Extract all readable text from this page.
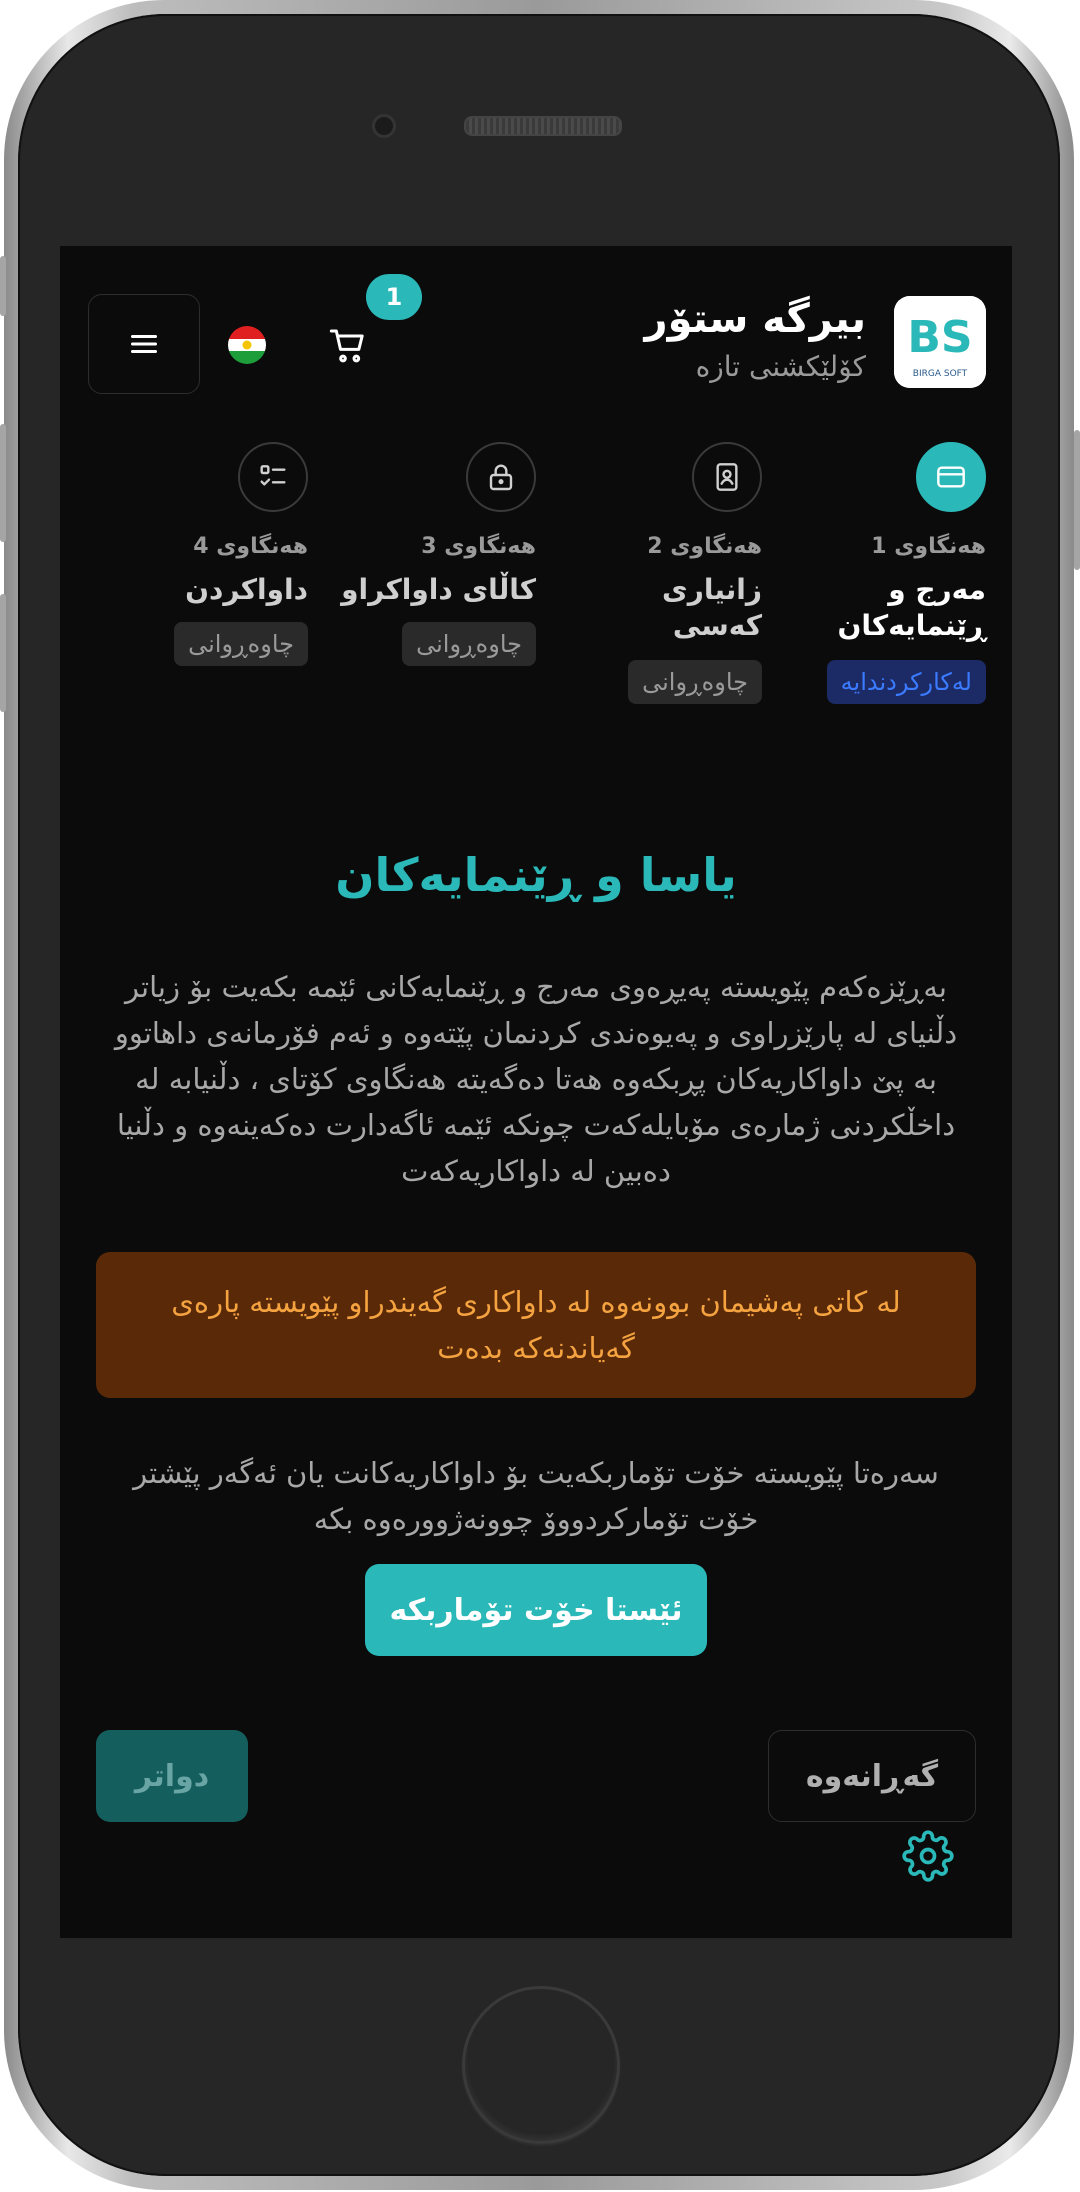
BS
BIRGA SOFT
بیرگە ستۆر
کۆلێکشنی تازە
1
هەنگاوی 1
مەرج و ڕێنمایەکان
لەکارکردندایە
هەنگاوی 2
زانیاری کەسی
چاوەڕوانی
هەنگاوی 3
کاڵای داواکراو
چاوەڕوانی
هەنگاوی 4
داواکردن
چاوەڕوانی
یاسا و ڕێنمایەکان
بەڕێزەکەم پێویستە پەیڕەوی مەرج و ڕێنمایەکانی ئێمە بکەیت بۆ زیاتر دڵنیای لە پارێزراوی و پەیوەندی کردنمان پێتەوە و ئەم فۆرمانەی داهاتوو بە پێ داواکاریەکان پڕبکەوە هەتا دەگەیتە هەنگاوی کۆتای ، دڵنیابە لە داخڵکردنی ژمارەی مۆبایلەکەت چونکە ئێمە ئاگەدارت دەکەینەوە و دڵنیا دەبین لە داواکاریەکەت
لە کاتی پەشیمان بوونەوە لە داواکاری گەیندراو پێویستە پارەی گەیاندنەکە بدەت
سەرەتا پێویستە خۆت تۆماربکەیت بۆ داواکاریەکانت یان ئەگەر پێشتر خۆت تۆمارکردووۆ چوونەژوورەوە بکە
ئێستا خۆت تۆماربکە
دواتر	گەڕانەوە
